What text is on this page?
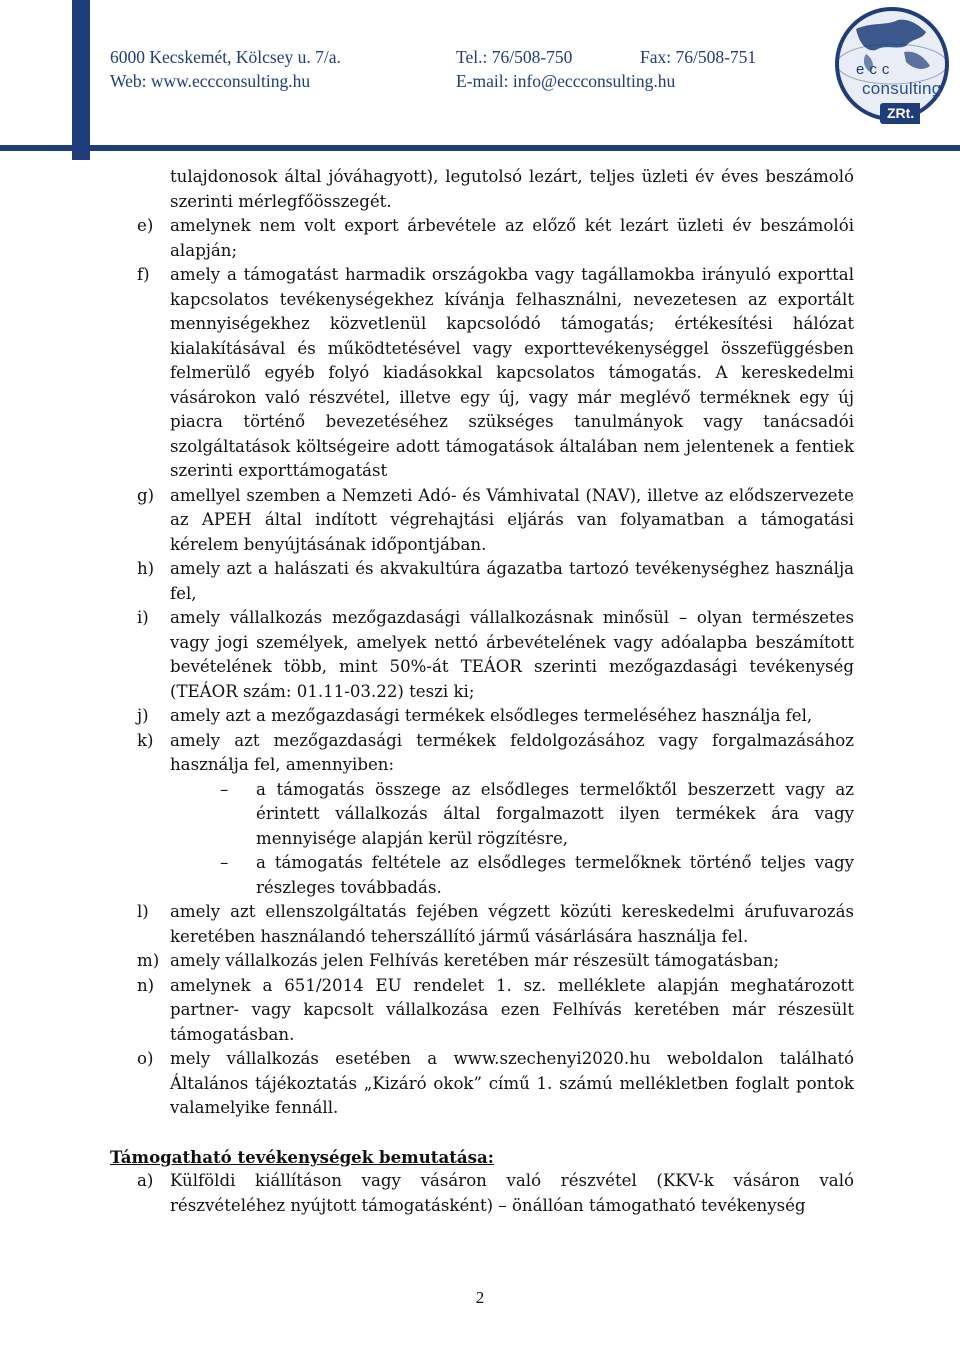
6000 Kecskemét, Kölcsey u. 7/a.	Tel.: 76/508-750	Fax: 76/508-751
Web: www.eccconsulting.hu	E-mail: info@eccconsulting.hu
ecc
consulting
ZRt.
tulajdonosok által jóváhagyott), legutolsó lezárt, teljes üzleti év éves beszámoló szerinti mérlegfőösszegét.
e)	amelynek nem volt export árbevétele az előző két lezárt üzleti év beszámolói alapján;
f)	amely a támogatást harmadik országokba vagy tagállamokba irányuló exporttal kapcsolatos tevékenységekhez kívánja felhasználni, nevezetesen az exportált mennyiségekhez közvetlenül kapcsolódó támogatás; értékesítési hálózat kialakításával és működtetésével vagy exporttevékenységgel összefüggésben felmerülő egyéb folyó kiadásokkal kapcsolatos támogatás. A kereskedelmi vásárokon való részvétel, illetve egy új, vagy már meglévő terméknek egy új piacra történő bevezetéséhez szükséges tanulmányok vagy tanácsadói szolgáltatások költségeire adott támogatások általában nem jelentenek a fentiek szerinti exporttámogatást
g) amellyel szemben a Nemzeti Adó- és Vámhivatal (NAV), illetve az elődszervezete az APEH által indított végrehajtási eljárás van folyamatban a támogatási kérelem benyújtásának időpontjában.
h) amely azt a halászati és akvakultúra ágazatba tartozó tevékenységhez használja fel,
i)	amely vállalkozás mezőgazdasági vállalkozásnak minősül – olyan természetes vagy jogi személyek, amelyek nettó árbevételének vagy adóalapba beszámított bevételének több, mint 50%-át TEÁOR szerinti mezőgazdasági tevékenység (TEÁOR szám: 01.11-03.22) teszi ki;
j)	amely azt a mezőgazdasági termékek elsődleges termeléséhez használja fel,
k) amely azt mezőgazdasági termékek feldolgozásához vagy forgalmazásához használja fel, amennyiben:
–	a támogatás összege az elsődleges termelőktől beszerzett vagy az érintett vállalkozás által forgalmazott ilyen termékek ára vagy mennyisége alapján kerül rögzítésre,
–	a támogatás feltétele az elsődleges termelőknek történő teljes vagy részleges továbbadás.
l)	amely azt ellenszolgáltatás fejében végzett közúti kereskedelmi árufuvarozás keretében használandó teherszállító jármű vásárlására használja fel.
m) amely vállalkozás jelen Felhívás keretében már részesült támogatásban;
n) amelynek a 651/2014 EU rendelet 1. sz. melléklete alapján meghatározott partner- vagy kapcsolt vállalkozása ezen Felhívás keretében már részesült támogatásban.
o) mely vállalkozás esetében a www.szechenyi2020.hu weboldalon található Általános tájékoztatás „Kizáró okok” című 1. számú mellékletben foglalt pontok valamelyike fennáll.
Támogatható tevékenységek bemutatása:
a)	Külföldi kiállításon vagy vásáron való részvétel (KKV-k vásáron való részvételéhez nyújtott támogatásként) – önállóan támogatható tevékenység
2
